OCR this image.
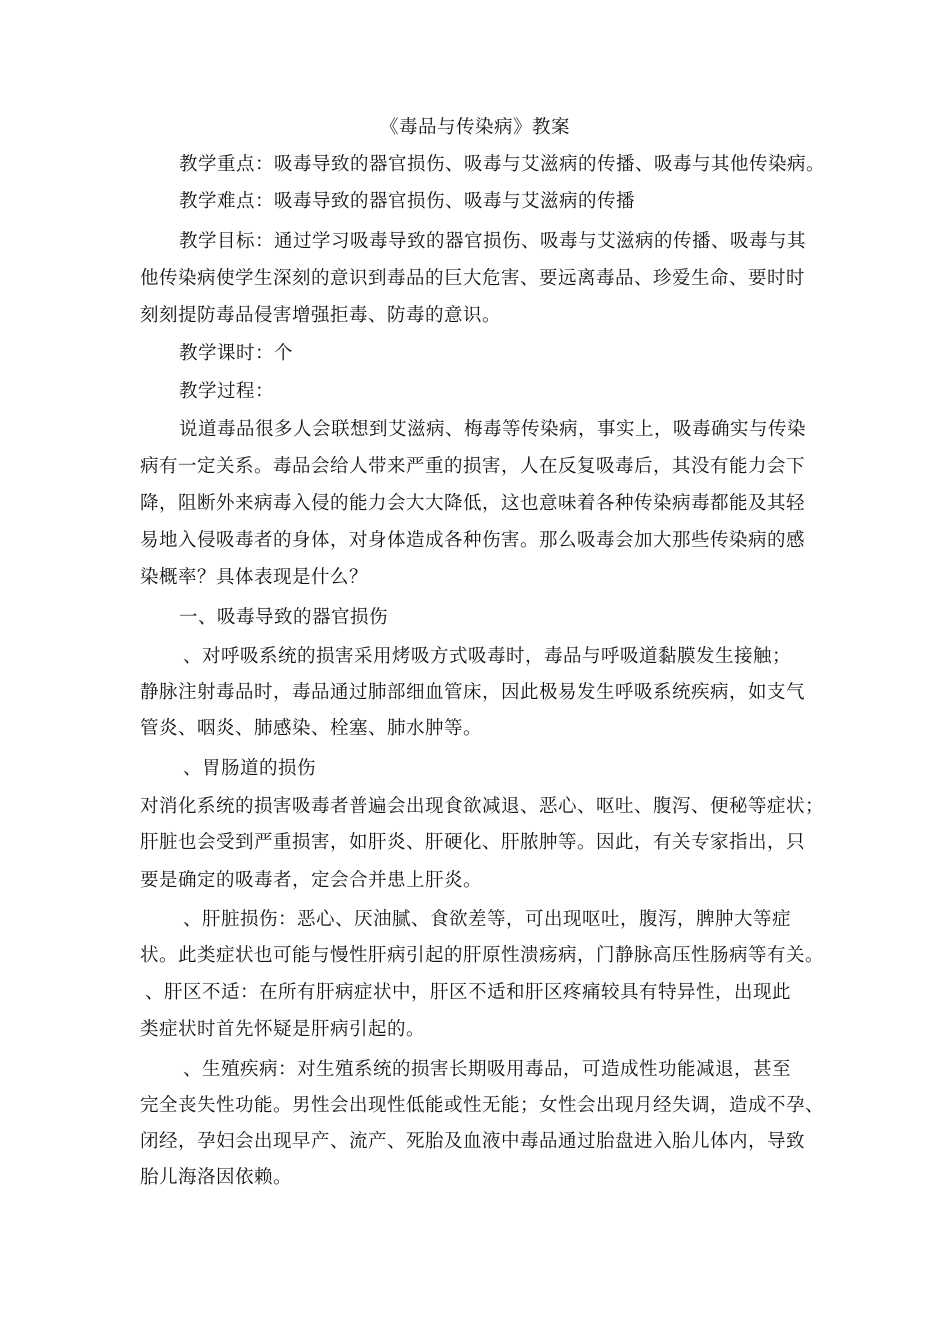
《毒品与传染病》教案
教学重点：吸毒导致的器官损伤、吸毒与艾滋病的传播、吸毒与其他传染病。
教学难点：吸毒导致的器官损伤、吸毒与艾滋病的传播
教学目标：通过学习吸毒导致的器官损伤、吸毒与艾滋病的传播、吸毒与其
他传染病使学生深刻的意识到毒品的巨大危害、要远离毒品、珍爱生命、要时时
刻刻提防毒品侵害增强拒毒、防毒的意识。
教学课时：个
教学过程：
说道毒品很多人会联想到艾滋病、梅毒等传染病，事实上，吸毒确实与传染
病有一定关系。毒品会给人带来严重的损害，人在反复吸毒后，其没有能力会下
降，阻断外来病毒入侵的能力会大大降低，这也意味着各种传染病毒都能及其轻
易地入侵吸毒者的身体，对身体造成各种伤害。那么吸毒会加大那些传染病的感
染概率？具体表现是什么？
一、吸毒导致的器官损伤
、对呼吸系统的损害采用烤吸方式吸毒时，毒品与呼吸道黏膜发生接触；
静脉注射毒品时，毒品通过肺部细血管床，因此极易发生呼吸系统疾病，如支气
管炎、咽炎、肺感染、栓塞、肺水肿等。
、胃肠道的损伤
对消化系统的损害吸毒者普遍会出现食欲减退、恶心、呕吐、腹泻、便秘等症状；
肝脏也会受到严重损害，如肝炎、肝硬化、肝脓肿等。因此，有关专家指出，只
要是确定的吸毒者，定会合并患上肝炎。
、肝脏损伤：恶心、厌油腻、食欲差等，可出现呕吐，腹泻，脾肿大等症
状。此类症状也可能与慢性肝病引起的肝原性溃疡病，门静脉高压性肠病等有关。
、肝区不适：在所有肝病症状中，肝区不适和肝区疼痛较具有特异性，出现此
类症状时首先怀疑是肝病引起的。
、生殖疾病：对生殖系统的损害长期吸用毒品，可造成性功能减退，甚至
完全丧失性功能。男性会出现性低能或性无能；女性会出现月经失调，造成不孕、
闭经，孕妇会出现早产、流产、死胎及血液中毒品通过胎盘进入胎儿体内，导致
胎儿海洛因依赖。
